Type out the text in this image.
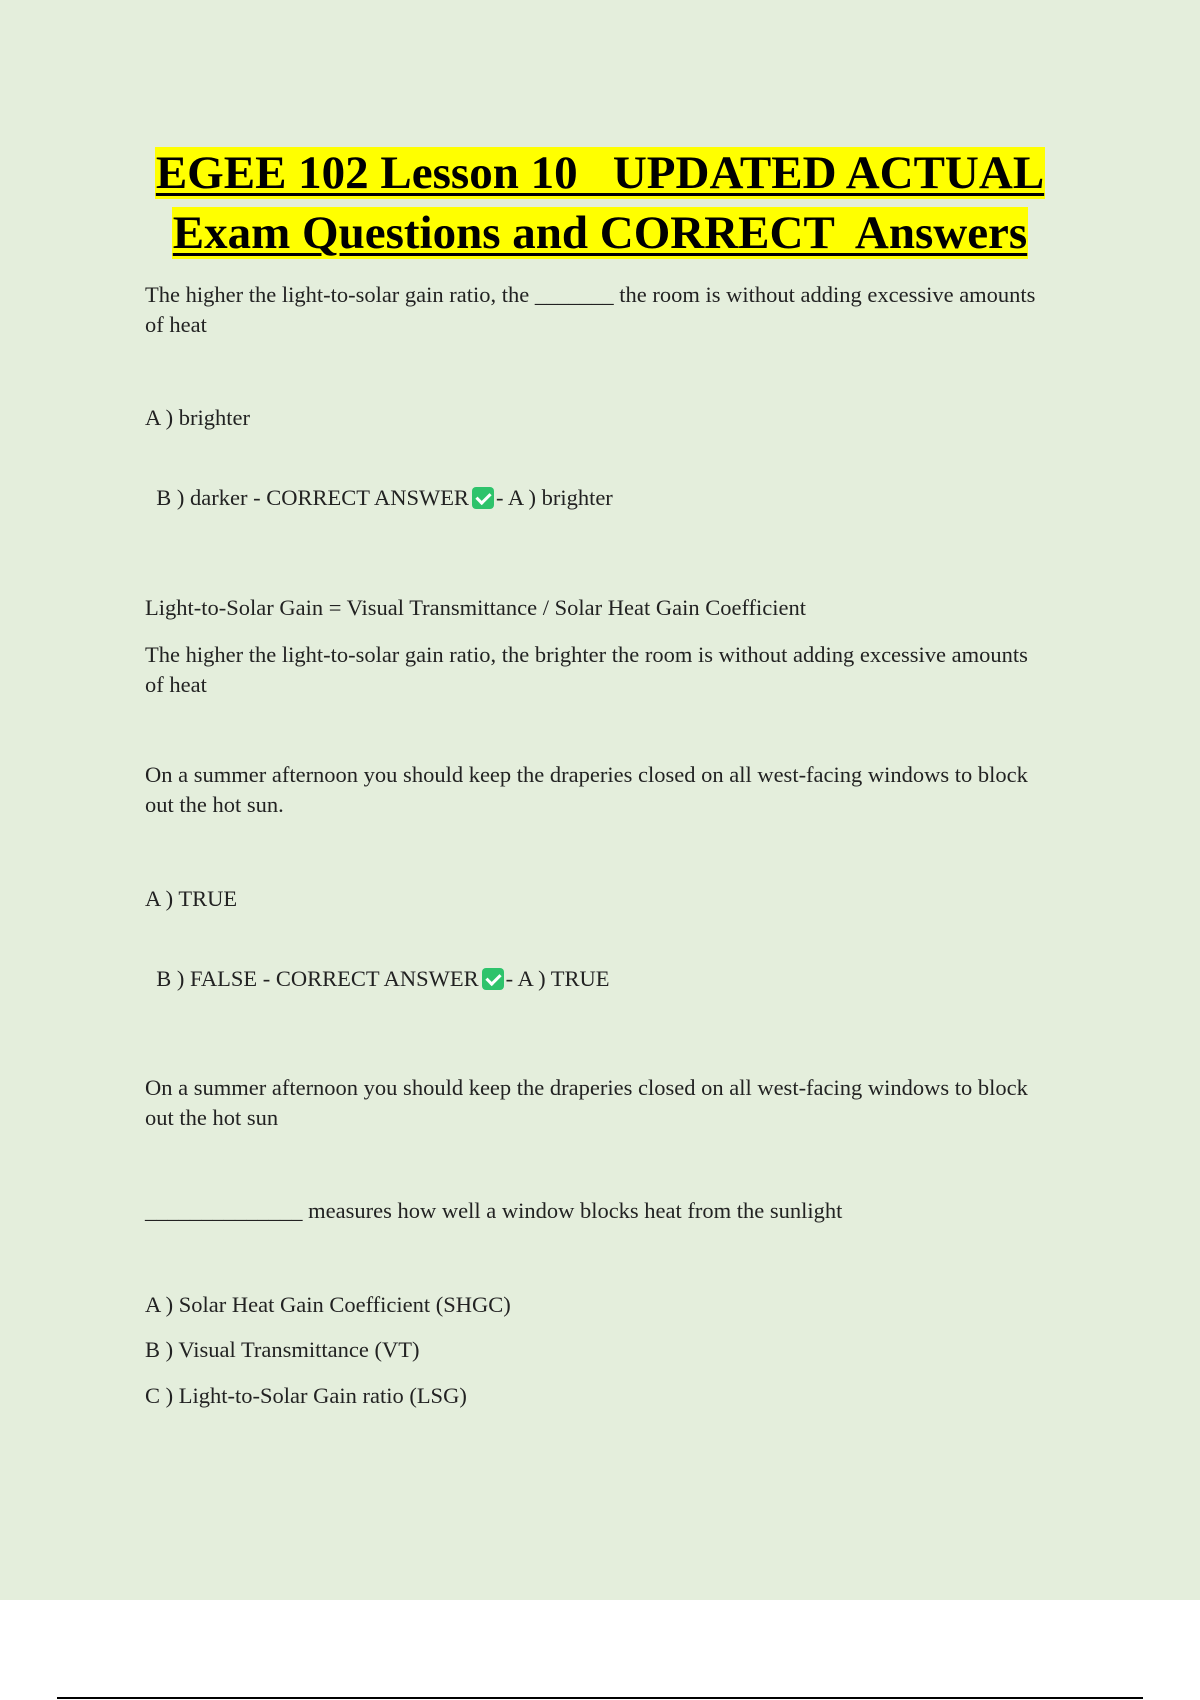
EGEE 102 Lesson 10   UPDATED ACTUAL
Exam Questions and CORRECT  Answers
The higher the light-to-solar gain ratio, the _______ the room is without adding excessive amounts of heat
A ) brighter

B ) darker - CORRECT ANSWER - A ) brighter

Light-to-Solar Gain = Visual Transmittance / Solar Heat Gain Coefficient
The higher the light-to-solar gain ratio, the brighter the room is without adding excessive amounts of heat
On a summer afternoon you should keep the draperies closed on all west-facing windows to block out the hot sun.
A ) TRUE

B ) FALSE - CORRECT ANSWER - A ) TRUE

On a summer afternoon you should keep the draperies closed on all west-facing windows to block out the hot sun
______________ measures how well a window blocks heat from the sunlight
A ) Solar Heat Gain Coefficient (SHGC)
B ) Visual Transmittance (VT)
C ) Light-to-Solar Gain ratio (LSG)
